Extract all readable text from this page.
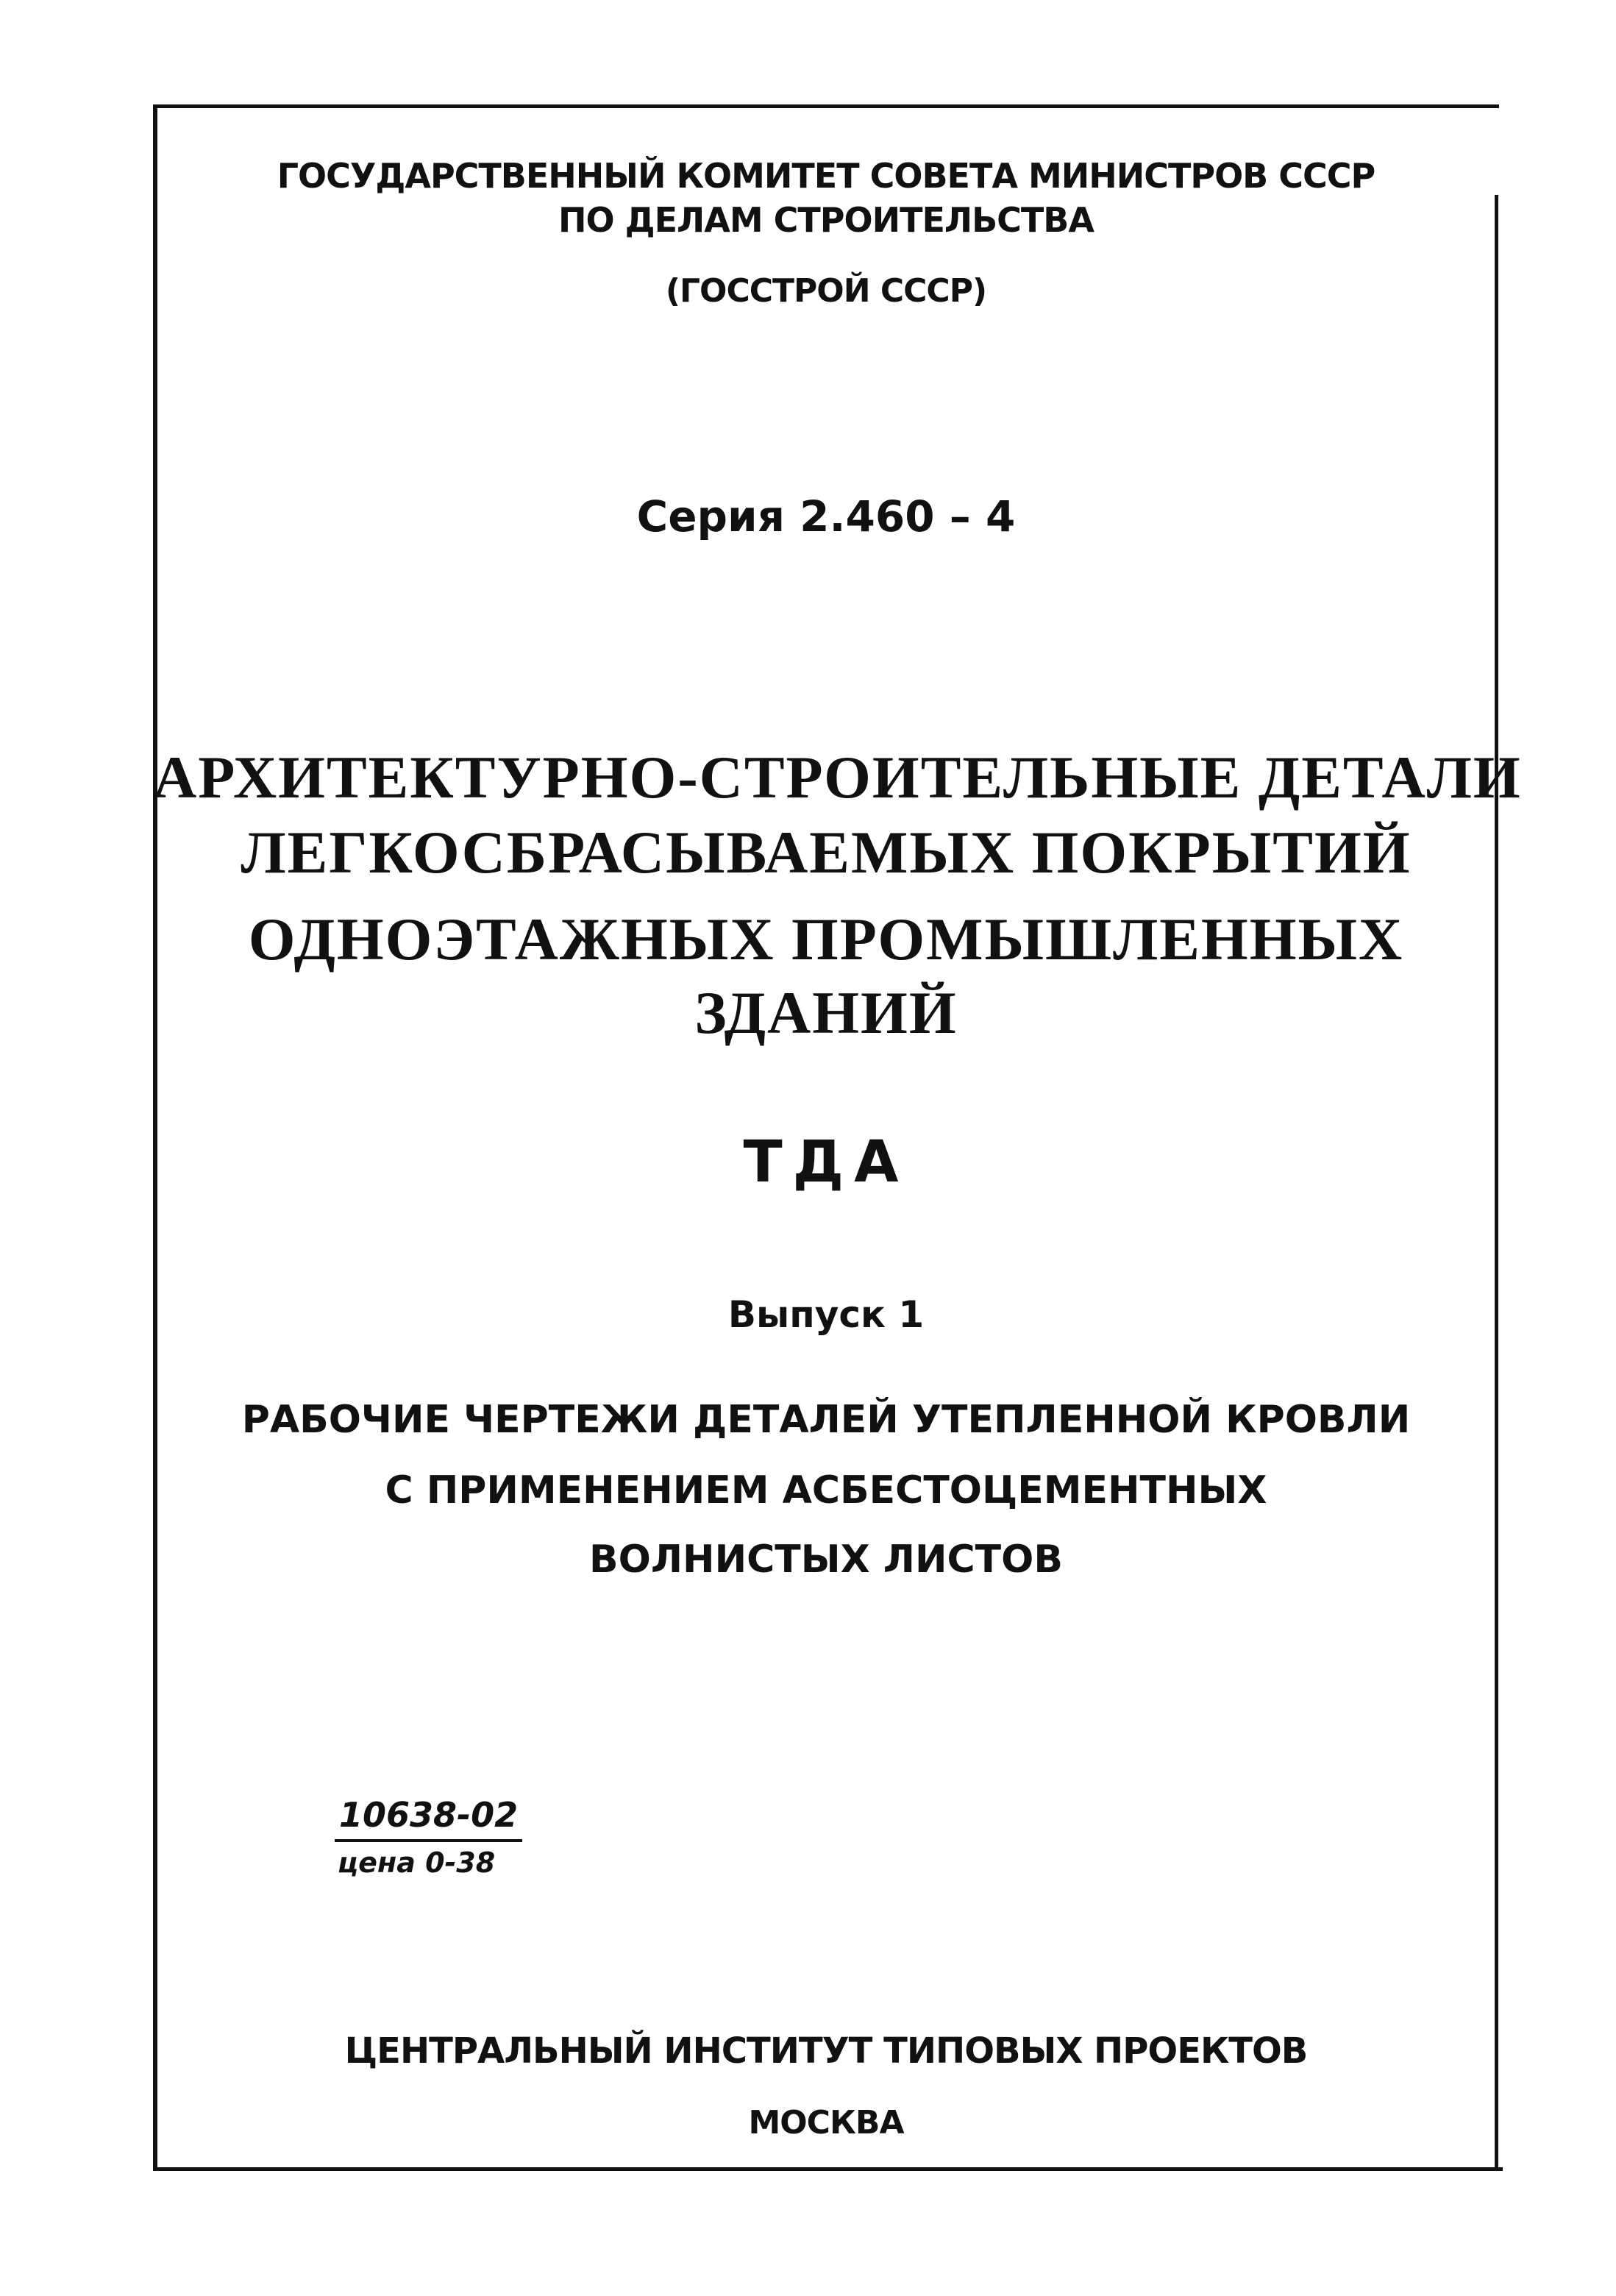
ГОСУДАРСТВЕННЫЙ КОМИТЕТ СОВЕТА МИНИСТРОВ СССР
ПО ДЕЛАМ СТРОИТЕЛЬСТВА
(ГОССТРОЙ СССР)
Серия 2.460 – 4
АРХИТЕКТУРНО-СТРОИТЕЛЬНЫЕ ДЕТАЛИ
ЛЕГКОСБРАСЫВАЕМЫХ ПОКРЫТИЙ
ОДНОЭТАЖНЫХ ПРОМЫШЛЕННЫХ
ЗДАНИЙ
ТДА
Выпуск 1
РАБОЧИЕ ЧЕРТЕЖИ ДЕТАЛЕЙ УТЕПЛЕННОЙ КРОВЛИ
С ПРИМЕНЕНИЕМ АСБЕСТОЦЕМЕНТНЫХ
ВОЛНИСТЫХ ЛИСТОВ
10638-02
цена 0-38
ЦЕНТРАЛЬНЫЙ ИНСТИТУТ ТИПОВЫХ ПРОЕКТОВ
МОСКВА
